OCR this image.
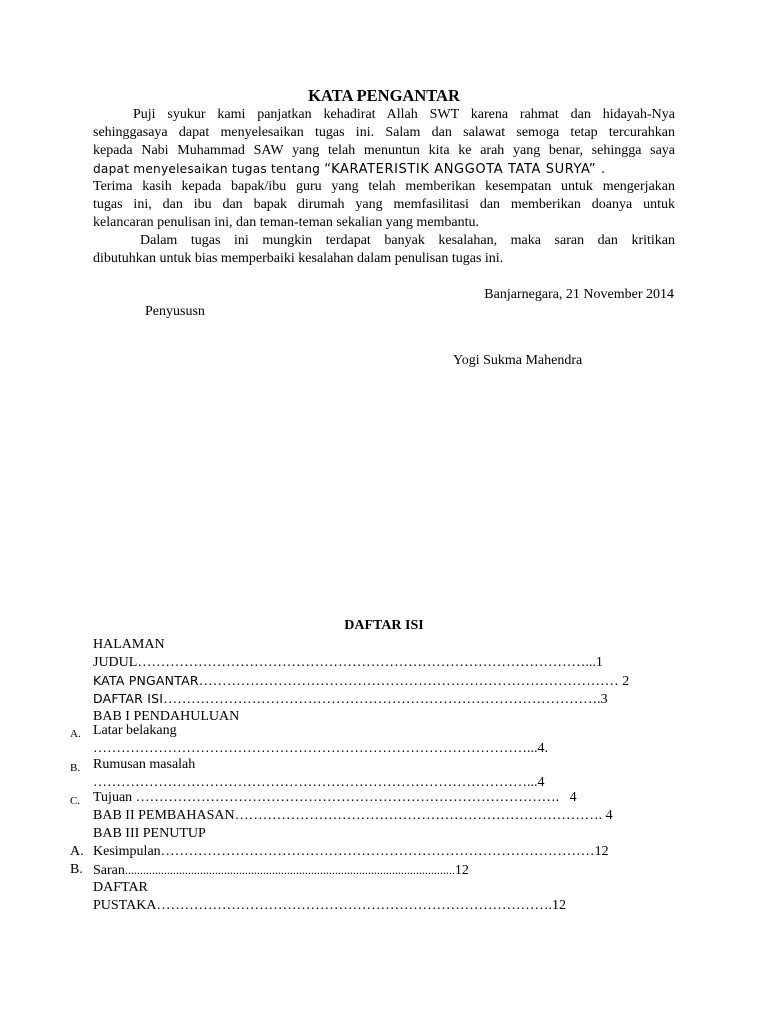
KATA PENGANTAR
Puji syukur kami panjatkan kehadirat Allah SWT karena rahmat dan hidayah-Nya
sehinggasaya dapat menyelesaikan tugas ini. Salam dan salawat semoga tetap tercurahkan
kepada Nabi Muhammad SAW yang telah menuntun kita ke arah yang benar, sehingga saya
dapat menyelesaikan tugas tentang “KARATERISTIK ANGGOTA TATA SURYA” .
Terima kasih kepada bapak/ibu guru yang telah memberikan kesempatan untuk mengerjakan
tugas ini, dan ibu dan bapak dirumah yang memfasilitasi dan memberikan doanya untuk
kelancaran penulisan ini, dan teman-teman sekalian yang membantu.
Dalam tugas ini mungkin terdapat banyak kesalahan, maka saran dan kritikan
dibutuhkan untuk bias memperbaiki kesalahan dalam penulisan tugas ini.
Banjarnegara, 21 November 2014
Penyususn
Yogi Sukma Mahendra
DAFTAR ISI
HALAMAN
JUDUL……………………………………………………………………………………...1
KATA PNGANTAR……………………………………………………………………………… 2
DAFTAR ISI………………………………………………………………………………….3
BAB I PENDAHULUAN
A. Latar belakang
…………………………………………………………………………………...4.
B. Rumusan masalah
…………………………………………………………………………………...4
C. Tujuan ………………………………………………………………………………. 4
BAB II PEMBAHASAN……………………………………………………………………. 4
BAB III PENUTUP
A. Kesimpulan…………………………………………………………………………………12
B. Saran..............................................................................................................12
DAFTAR
PUSTAKA………………………………………………………………………….12
